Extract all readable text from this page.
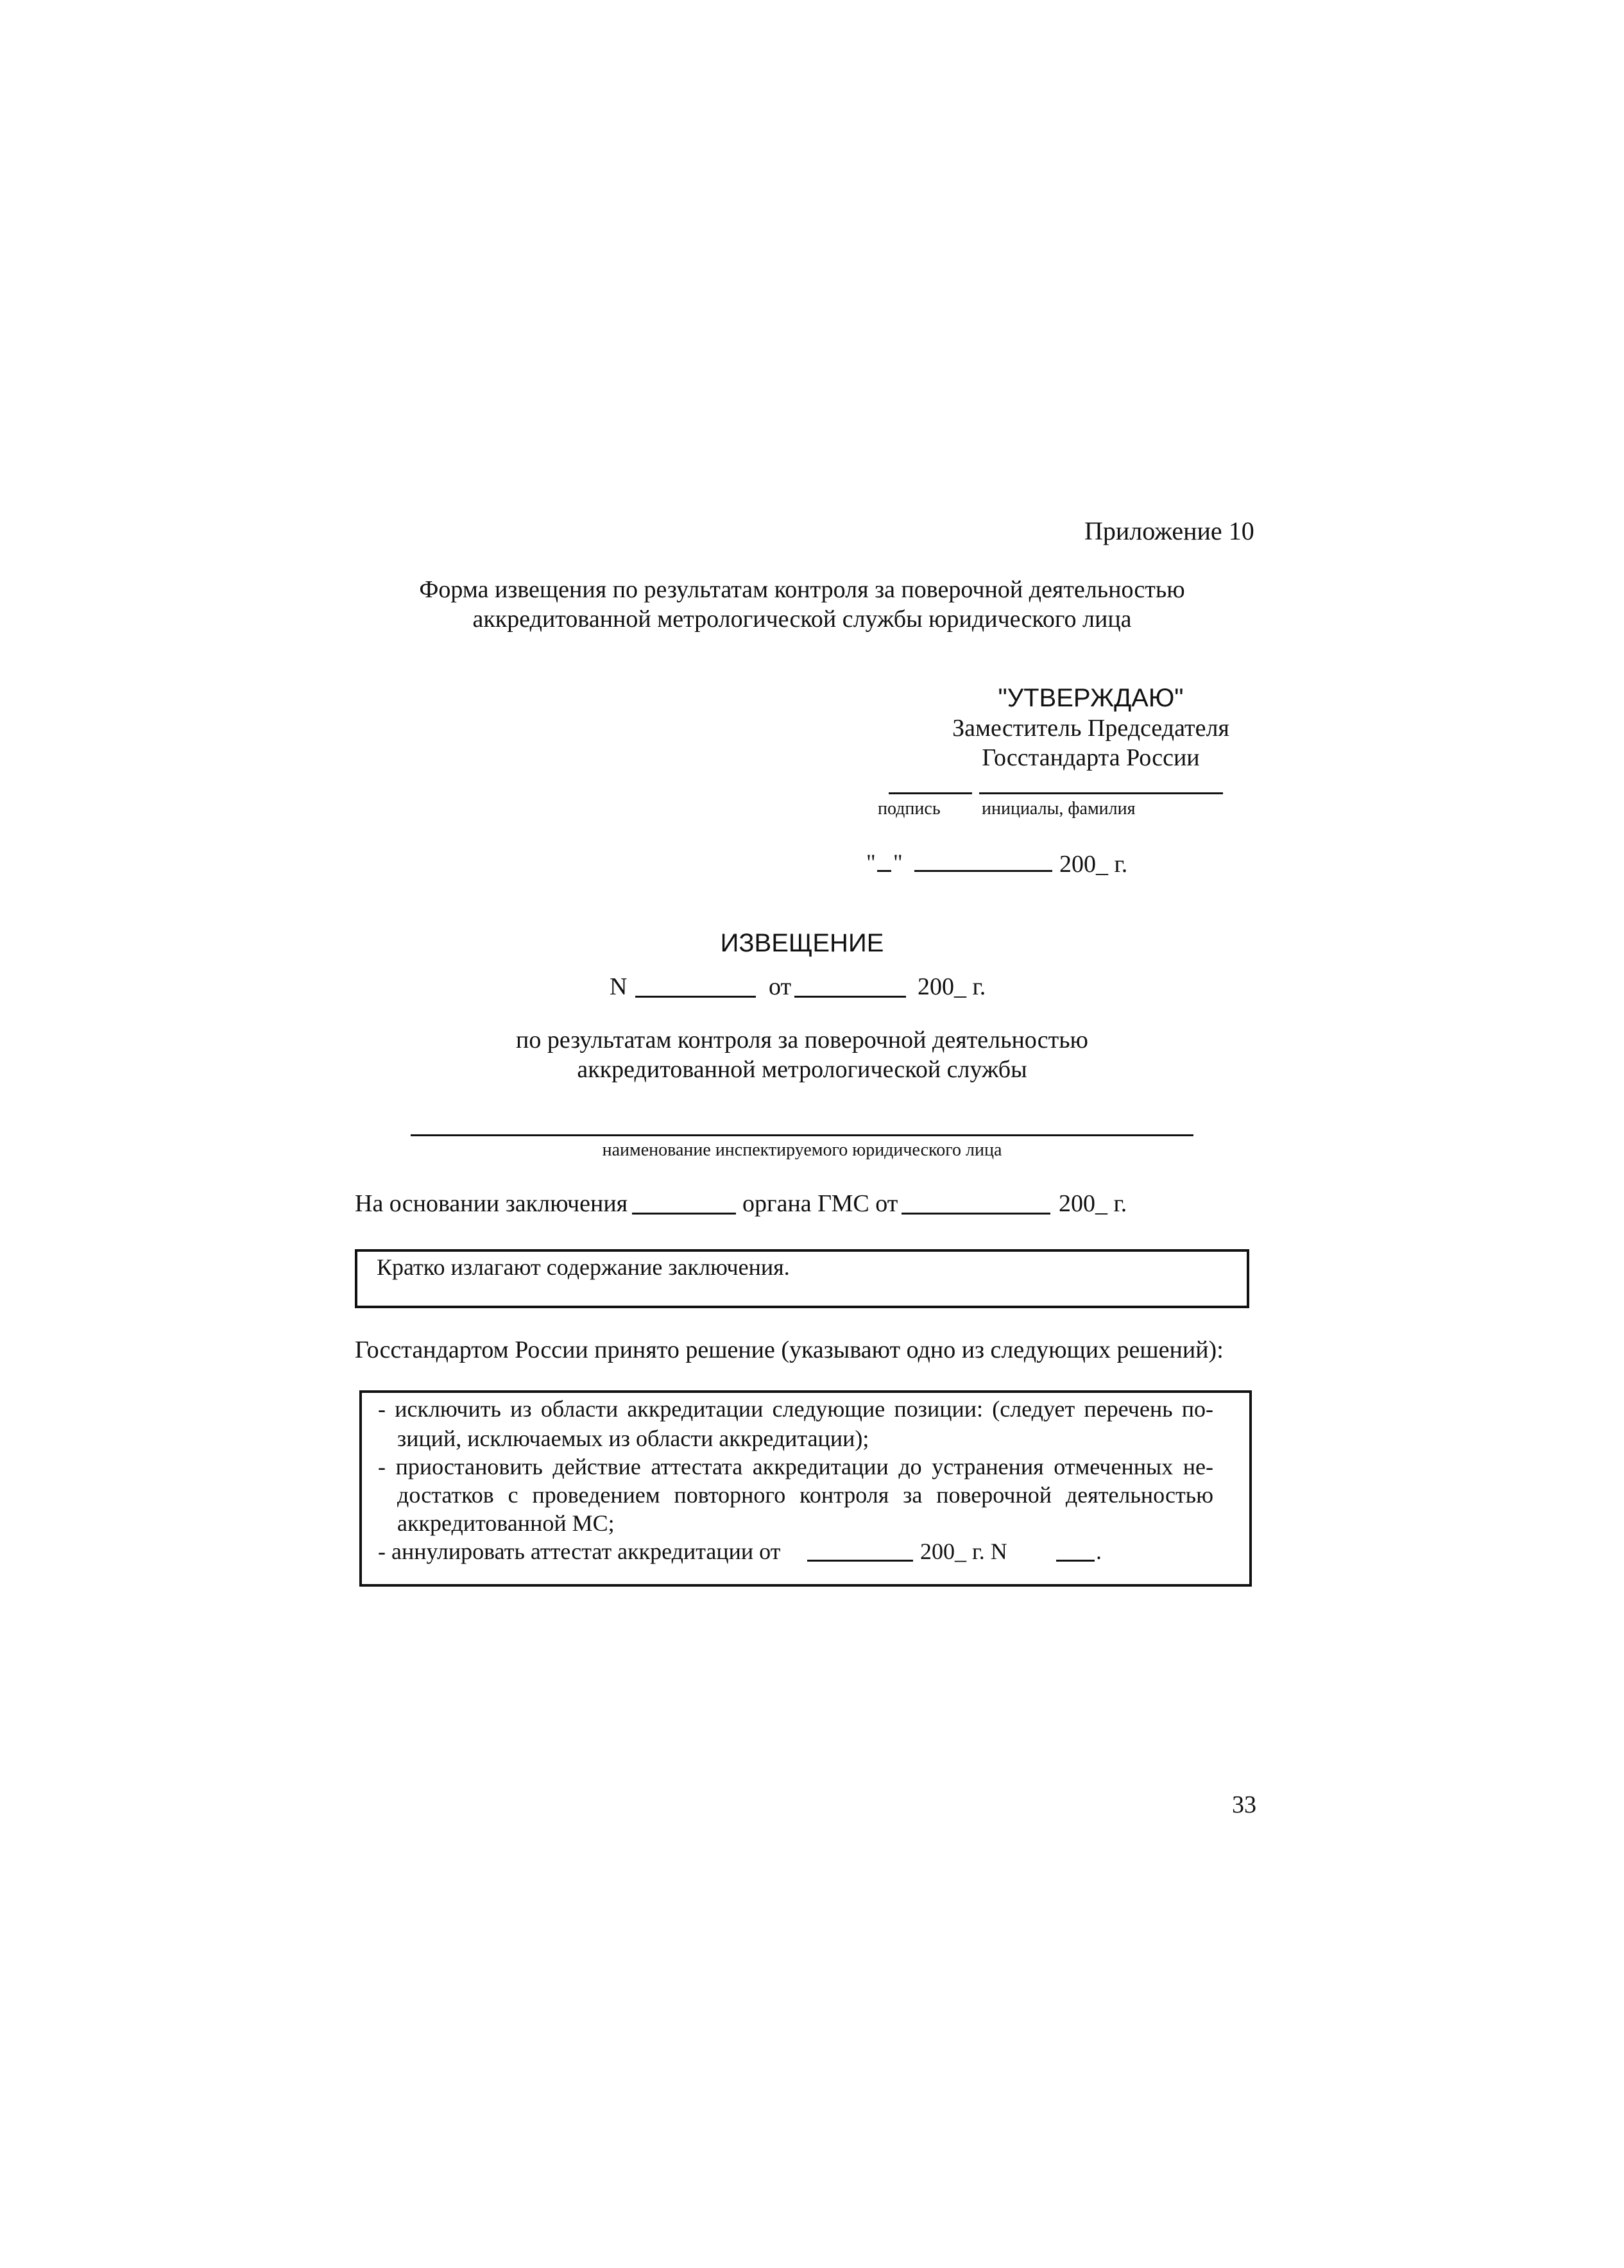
Приложение 10
Форма извещения по результатам контроля за поверочной деятельностью
аккредитованной метрологической службы юридического лица
"УТВЕРЖДАЮ"
Заместитель Председателя
Госстандарта России
подпись инициалы, фамилия
" "	200_ г.
ИЗВЕЩЕНИЕ
N	от	200_ г.
по результатам контроля за поверочной деятельностью
аккредитованной метрологической службы
наименование инспектируемого юридического лица
На основании заключения	органа ГМС от	200_ г.
Кратко излагают содержание заключения.
Госстандартом России принято решение (указывают одно из следующих решений):
- исключить из области аккредитации следующие позиции: (следует перечень по-
зиций, исключаемых из области аккредитации);
- приостановить действие аттестата аккредитации до устранения отмеченных не-
достатков с проведением повторного контроля за поверочной деятельностью
аккредитованной МС;
- аннулировать аттестат аккредитации от	200_ г. N	.
33
